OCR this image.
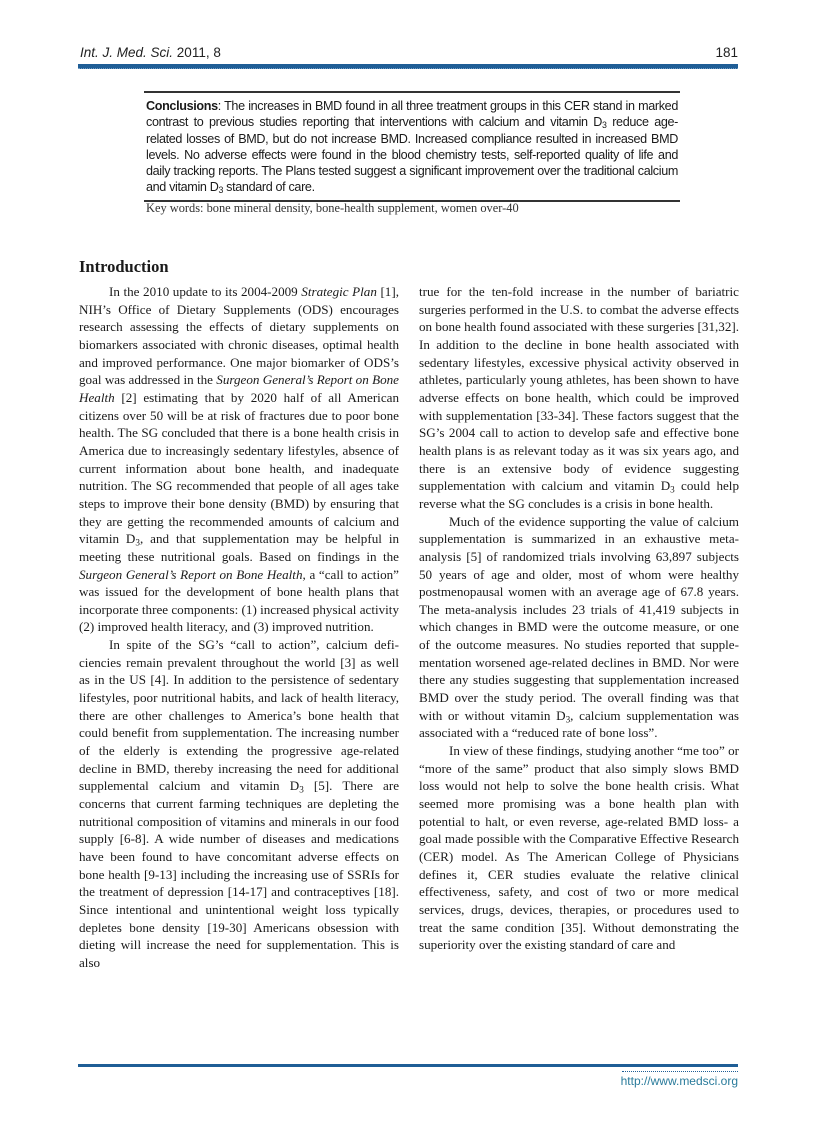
Int. J. Med. Sci. 2011, 8	181
Conclusions: The increases in BMD found in all three treatment groups in this CER stand in marked contrast to previous studies reporting that interventions with calcium and vitamin $D_3$ reduce age-related losses of BMD, but do not increase BMD. Increased compliance resulted in increased BMD levels. No adverse effects were found in the blood chemistry tests, self-reported quality of life and daily tracking reports. The Plans tested suggest a significant improvement over the traditional calcium and vitamin $D_3$ standard of care.
Key words: bone mineral density, bone-health supplement, women over-40
Introduction

In the 2010 update to its 2004-2009 Strategic Plan [1], NIH’s Office of Dietary Supplements (ODS) encourages research assessing the effects of dietary supplements on biomarkers associated with chronic diseases, optimal health and improved performance. One major biomarker of ODS’s goal was addressed in the Surgeon General’s Report on Bone Health [2] estimating that by 2020 half of all American citizens over 50 will be at risk of fractures due to poor bone health. The SG concluded that there is a bone health crisis in America due to increasingly sedentary lifestyles, absence of current information about bone health, and inadequate nutrition. The SG recommended that people of all ages take steps to improve their bone density (BMD) by ensuring that they are getting the recommended amounts of calcium and vitamin $D_3$, and that supplementation may be helpful in meeting these nutritional goals. Based on findings in the Surgeon General’s Report on Bone Health, a “call to action” was issued for the development of bone health plans that incorporate three components: (1) increased physical activity (2) improved health literacy, and (3) improved nutrition.

In spite of the SG’s “call to action”, calcium deficiencies remain prevalent throughout the world [3] as well as in the US [4]. In addition to the persistence of sedentary lifestyles, poor nutritional habits, and lack of health literacy, there are other challenges to America’s bone health that could benefit from supplementation. The increasing number of the elderly is extending the progressive age-related decline in BMD, thereby increasing the need for additional supplemental calcium and vitamin $D_3$ [5]. There are concerns that current farming techniques are depleting the nutritional composition of vitamins and minerals in our food supply [6-8]. A wide number of diseases and medications have been found to have concomitant adverse effects on bone health [9-13] including the increasing use of SSRIs for the treatment of depression [14-17] and contraceptives [18]. Since intentional and unintentional weight loss typically depletes bone density [19-30] Americans obsession with dieting will increase the need for supplementation. This is also

true for the ten-fold increase in the number of bariatric surgeries performed in the U.S. to combat the adverse effects on bone health found associated with these surgeries [31,32]. In addition to the decline in bone health associated with sedentary lifestyles, excessive physical activity observed in athletes, particularly young athletes, has been shown to have adverse effects on bone health, which could be improved with supplementation [33-34]. These factors suggest that the SG’s 2004 call to action to develop safe and effective bone health plans is as relevant today as it was six years ago, and there is an extensive body of evidence suggesting supplementation with calcium and vitamin $D_3$ could help reverse what the SG concludes is a crisis in bone health.

Much of the evidence supporting the value of calcium supplementation is summarized in an exhaustive meta-analysis [5] of randomized trials involving 63,897 subjects 50 years of age and older, most of whom were healthy postmenopausal women with an average age of 67.8 years. The meta-analysis includes 23 trials of 41,419 subjects in which changes in BMD were the outcome measure, or one of the outcome measures. No studies reported that supplementation worsened age-related declines in BMD. Nor were there any studies suggesting that supplementation increased BMD over the study period. The overall finding was that with or without vitamin $D_3$, calcium supplementation was associated with a “reduced rate of bone loss”.

In view of these findings, studying another “me too” or “more of the same” product that also simply slows BMD loss would not help to solve the bone health crisis. What seemed more promising was a bone health plan with potential to halt, or even reverse, age-related BMD loss- a goal made possible with the Comparative Effective Research (CER) model. As The American College of Physicians defines it, CER studies evaluate the relative clinical effectiveness, safety, and cost of two or more medical services, drugs, devices, therapies, or procedures used to treat the same condition [35]. Without demonstrating the superiority over the existing standard of care and

http://www.medsci.org
